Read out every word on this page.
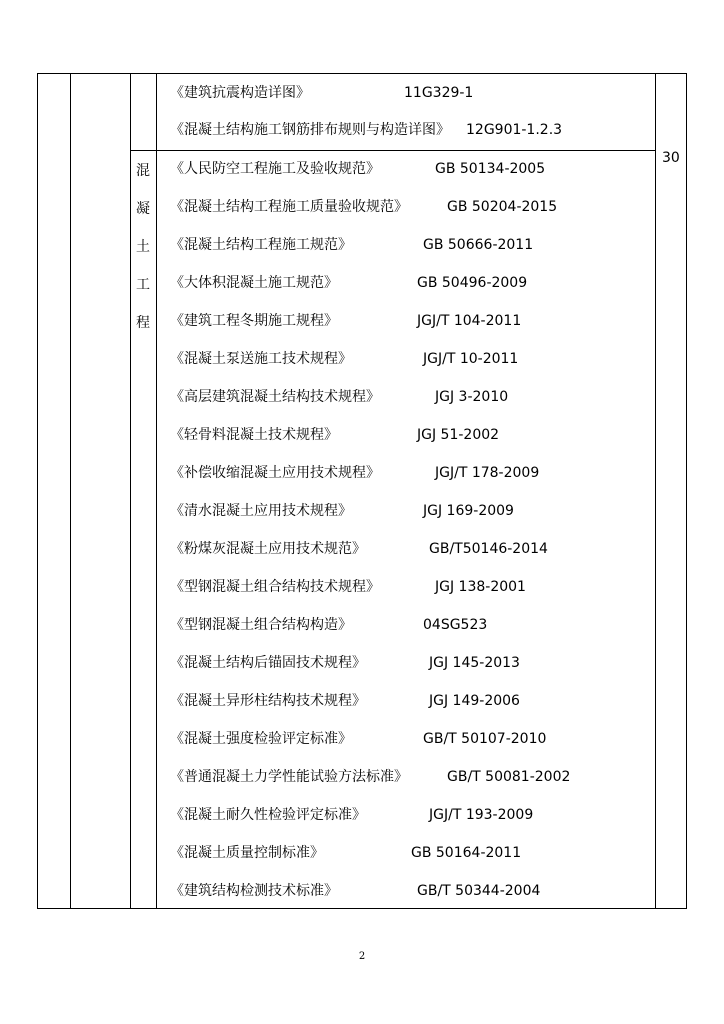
《建筑抗震构造详图》	11G329-1
《混凝土结构施工钢筋排布规则与构造详图》 12G901-1.2.3
混
凝
土
工
程
30
《人民防空工程施工及验收规范》	GB 50134-2005
《混凝土结构工程施工质量验收规范》	GB 50204-2015
《混凝土结构工程施工规范》	GB 50666-2011
《大体积混凝土施工规范》	GB 50496-2009
《建筑工程冬期施工规程》	JGJ/T 104-2011
《混凝土泵送施工技术规程》	JGJ/T 10-2011
《高层建筑混凝土结构技术规程》	JGJ 3-2010
《轻骨料混凝土技术规程》	JGJ 51-2002
《补偿收缩混凝土应用技术规程》	JGJ/T 178-2009
《清水混凝土应用技术规程》	JGJ 169-2009
《粉煤灰混凝土应用技术规范》	GB/T50146-2014
《型钢混凝土组合结构技术规程》	JGJ 138-2001
《型钢混凝土组合结构构造》	04SG523
《混凝土结构后锚固技术规程》	JGJ 145-2013
《混凝土异形柱结构技术规程》	JGJ 149-2006
《混凝土强度检验评定标准》	GB/T 50107-2010
《普通混凝土力学性能试验方法标准》	GB/T 50081-2002
《混凝土耐久性检验评定标准》	JGJ/T 193-2009
《混凝土质量控制标准》	GB 50164-2011
《建筑结构检测技术标准》	GB/T 50344-2004
2
